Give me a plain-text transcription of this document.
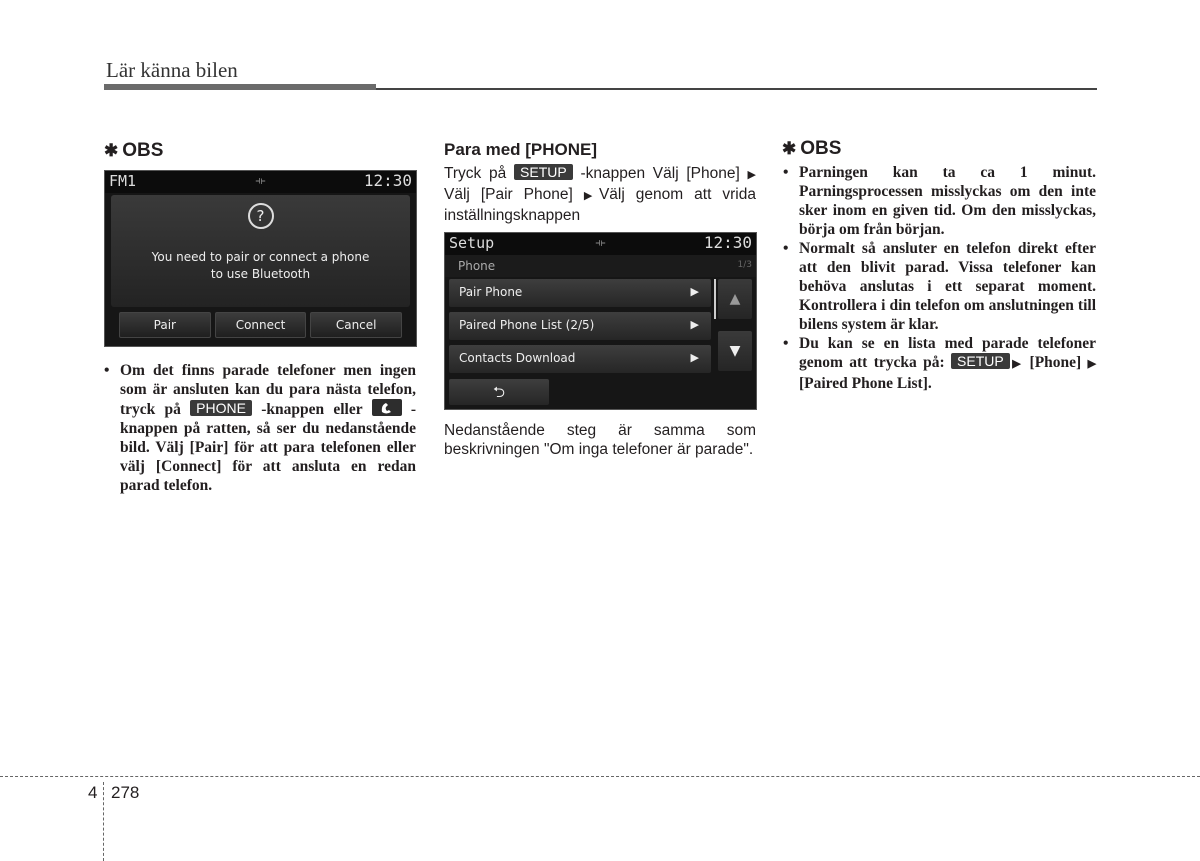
Lär känna bilen
✱ OBS
FM1	⟛	12:30
?
You need to pair or connect a phone
to use Bluetooth
Pair	Connect	Cancel
• Om det finns parade telefoner men ingen som är ansluten kan du para nästa telefon, tryck på PHONE -knappen eller	-knappen på ratten, så ser du nedanstående bild. Välj [Pair] för att para telefonen eller välj [Connect] för att ansluta en redan parad telefon.
Para med [PHONE]
Tryck på SETUP -knappen Välj [Phone] ▶ Välj [Pair Phone] ▶Välj genom att vrida inställningsknappen
Setup	⟛	12:30
Phone	1/3
Pair Phone	▶
Paired Phone List (2/5)	▶
Contacts Download	▶
▲
▼
⮌
Nedanstående steg är samma som beskrivningen "Om inga telefoner är parade".
✱ OBS
• Parningen kan ta ca 1 minut. Parningsprocessen misslyckas om den inte sker inom en given tid. Om den misslyckas, börja om från början.
• Normalt så ansluter en telefon direkt efter att den blivit parad. Vissa telefoner kan behöva anslutas i ett separat moment. Kontrollera i din telefon om anslutningen till bilens system är klar.
• Du kan se en lista med parade telefoner genom att trycka på: SETUP ▶ [Phone] ▶ [Paired Phone List].
4 278
